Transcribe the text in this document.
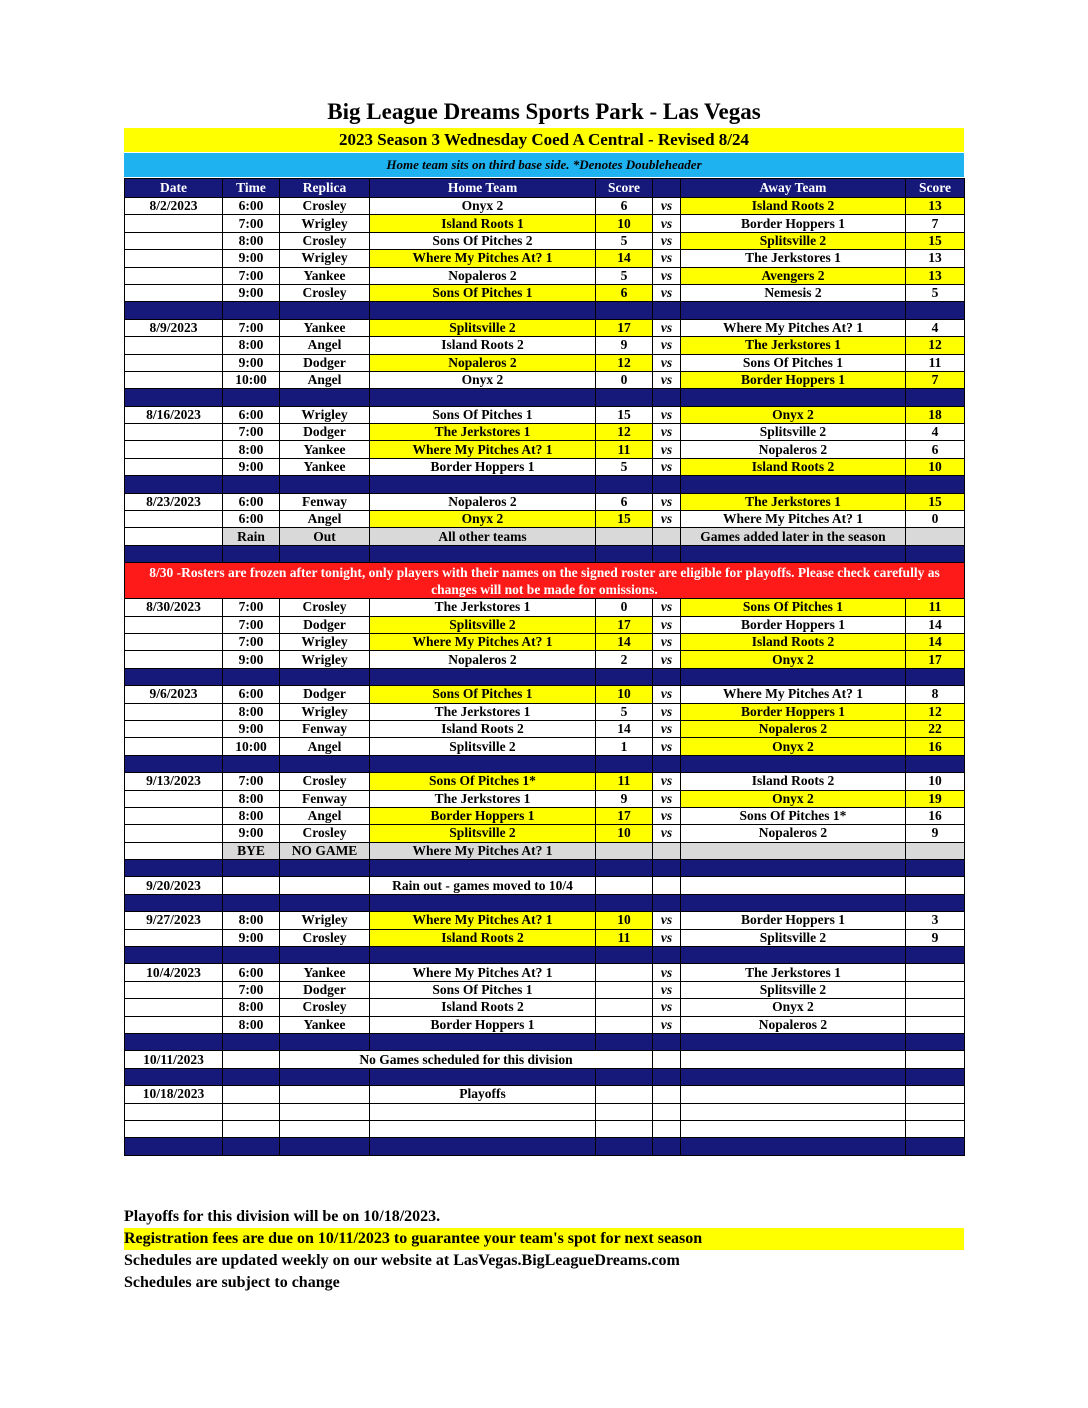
Big League Dreams Sports Park - Las Vegas
2023 Season 3 Wednesday Coed A Central - Revised 8/24
Home team sits on third base side. *Denotes Doubleheader
Date	Time	Replica	Home Team	Score		Away Team	Score
8/2/2023	6:00	Crosley	Onyx 2	6	vs	Island Roots 2	13
	7:00	Wrigley	Island Roots 1	10	vs	Border Hoppers 1	7
	8:00	Crosley	Sons Of Pitches 2	5	vs	Splitsville 2	15
	9:00	Wrigley	Where My Pitches At? 1	14	vs	The Jerkstores 1	13
	7:00	Yankee	Nopaleros 2	5	vs	Avengers 2	13
	9:00	Crosley	Sons Of Pitches 1	6	vs	Nemesis 2	5

8/9/2023	7:00	Yankee	Splitsville 2	17	vs	Where My Pitches At? 1	4
	8:00	Angel	Island Roots 2	9	vs	The Jerkstores 1	12
	9:00	Dodger	Nopaleros 2	12	vs	Sons Of Pitches 1	11
	10:00	Angel	Onyx 2	0	vs	Border Hoppers 1	7

8/16/2023	6:00	Wrigley	Sons Of Pitches 1	15	vs	Onyx 2	18
	7:00	Dodger	The Jerkstores 1	12	vs	Splitsville 2	4
	8:00	Yankee	Where My Pitches At? 1	11	vs	Nopaleros 2	6
	9:00	Yankee	Border Hoppers 1	5	vs	Island Roots 2	10

8/23/2023	6:00	Fenway	Nopaleros 2	6	vs	The Jerkstores 1	15
	6:00	Angel	Onyx 2	15	vs	Where My Pitches At? 1	0
	Rain	Out	All other teams			Games added later in the season	

8/30 -Rosters are frozen after tonight, only players with their names on the signed roster are eligible for playoffs. Please check carefully as changes will not be made for omissions.							
8/30/2023	7:00	Crosley	The Jerkstores 1	0	vs	Sons Of Pitches 1	11
	7:00	Dodger	Splitsville 2	17	vs	Border Hoppers 1	14
	7:00	Wrigley	Where My Pitches At? 1	14	vs	Island Roots 2	14
	9:00	Wrigley	Nopaleros 2	2	vs	Onyx 2	17

9/6/2023	6:00	Dodger	Sons Of Pitches 1	10	vs	Where My Pitches At? 1	8
	8:00	Wrigley	The Jerkstores 1	5	vs	Border Hoppers 1	12
	9:00	Fenway	Island Roots 2	14	vs	Nopaleros 2	22
	10:00	Angel	Splitsville 2	1	vs	Onyx 2	16

9/13/2023	7:00	Crosley	Sons Of Pitches 1*	11	vs	Island Roots 2	10
	8:00	Fenway	The Jerkstores 1	9	vs	Onyx 2	19
	8:00	Angel	Border Hoppers 1	17	vs	Sons Of Pitches 1*	16
	9:00	Crosley	Splitsville 2	10	vs	Nopaleros 2	9
	BYE	NO GAME	Where My Pitches At? 1				

9/20/2023			Rain out - games moved to 10/4				

9/27/2023	8:00	Wrigley	Where My Pitches At? 1	10	vs	Border Hoppers 1	3
	9:00	Crosley	Island Roots 2	11	vs	Splitsville 2	9

10/4/2023	6:00	Yankee	Where My Pitches At? 1		vs	The Jerkstores 1	
	7:00	Dodger	Sons Of Pitches 1		vs	Splitsville 2	
	8:00	Crosley	Island Roots 2		vs	Onyx 2	
	8:00	Yankee	Border Hoppers 1		vs	Nopaleros 2	

10/11/2023		No Games scheduled for this division					

10/18/2023			Playoffs				

Playoffs for this division will be on 10/18/2023.
Registration fees are due on 10/11/2023 to guarantee your team's spot for next season
Schedules are updated weekly on our website at LasVegas.BigLeagueDreams.com
Schedules are subject to change
